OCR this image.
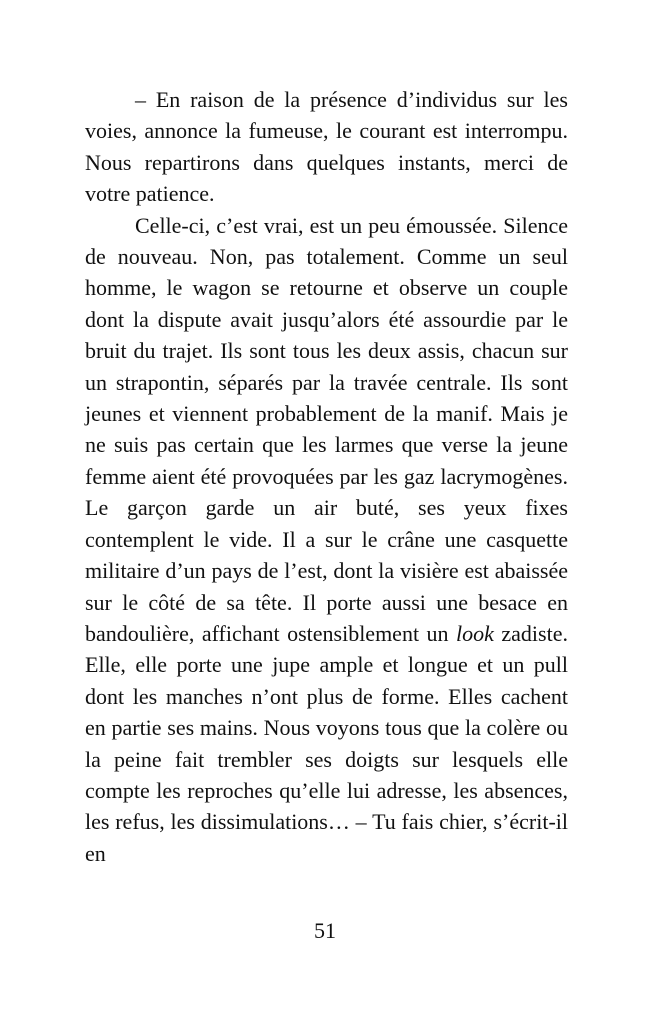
– En raison de la présence d’individus sur les voies, annonce la fumeuse, le courant est interrompu. Nous repartirons dans quelques instants, merci de votre patience.

Celle-ci, c’est vrai, est un peu émoussée. Silence de nouveau. Non, pas totalement. Comme un seul homme, le wagon se retourne et observe un couple dont la dispute avait jusqu’alors été assourdie par le bruit du trajet. Ils sont tous les deux assis, chacun sur un strapontin, séparés par la travée centrale. Ils sont jeunes et viennent probablement de la manif. Mais je ne suis pas certain que les larmes que verse la jeune femme aient été provoquées par les gaz lacrymogènes. Le garçon garde un air buté, ses yeux fixes contemplent le vide. Il a sur le crâne une casquette militaire d’un pays de l’est, dont la visière est abaissée sur le côté de sa tête. Il porte aussi une besace en bandoulière, affichant ostensiblement un look zadiste. Elle, elle porte une jupe ample et longue et un pull dont les manches n’ont plus de forme. Elles cachent en partie ses mains. Nous voyons tous que la colère ou la peine fait trembler ses doigts sur lesquels elle compte les reproches qu’elle lui adresse, les absences, les refus, les dissimulations… – Tu fais chier, s’écrit-il en

51
